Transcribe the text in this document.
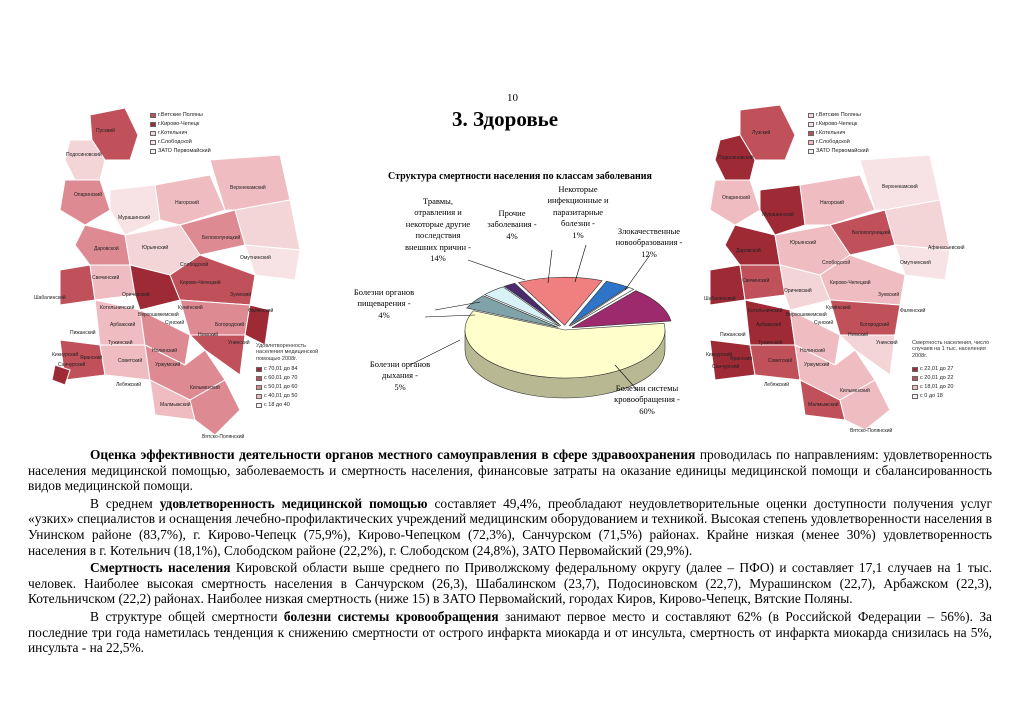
10
3. Здоровье
Пусквий
Подосиновский
Опаринский
Мурашинский
Нагорский
Верхнекамский
Юрьянский
Белохолуницкий
Омутнинский
Даровской
Свечинский
Оричевский
Котельничский
Шабалинский
Богородский
Арбажский
Пижанский
Санчурский
Яранский
Тужинский
Кикнурский
Уржумский
Малмыжский
Кильмезский
Вятско-Полянский
Кирово-Чепецкий
Зуевский
Фаленский
Унинский
Лебяжский
Нолинский
Советский
Сунский
Кумёнский
Немский
Слободской
Верхошижемский
г.Вятские Поляны
г.Кирово-Чепецк
г.Котельнич
г.Слободской
ЗАТО Первомайский
Удовлетворенность населения медицинской помощью 2008г.
с 70,01 до 84
с 60,01 до 70
с 50,01 до 60
с 40,01 до 50
с 18 до 40
Лузский
Подосиновский
Опаринский
Мурашинский
Нагорский
Верхнекамский
Юрьянский
Белохолуницкий
Омутнинский
Афанасьевский
Даровской
Свечинский
Оричевский
Котельничский
Шабалинский
Слободской
Арбажский
Пижанский
Санчурский
Яранский
Тужинский
Кикнурский
Уржумский
Малмыжский
Кильмезский
Вятско-Полянский
Кирово-Чепецкий
Зуевский
Фаленский
Унинский
Лебяжский
Нолинский
Советский
Сунский
Кумёнский
Немский
Верхошижемский
Богородский
г.Вятские Поляны
г.Кирово-Чепецк
г.Котельнич
г.Слободской
ЗАТО Первомайский
Смертность населения, число случаев на 1 тыс. населения 2008г.
с 22,01 до 27
с 20,01 до 22
с 18,01 до 20
с 0 до 18
Структура смертности населения по классам заболевания
Болезни системы
кровообращения -
60%
Болезни органов
дыхания -
5%
Болезни органов
пищеварения -
4%
Травмы,
отравления и
некоторые другие
последствия
внешних причин -
14%
Прочие
заболевания -
4%
Некоторые
инфекционные и
паразитарные
болезни -
1%	Злокачественные
новообразования -
12%

Оценка эффективности деятельности органов местного самоуправления в сфере здравоохранения проводилась по направлениям: удовлетворенность населения медицинской помощью, заболеваемость и смертность населения, финансовые затраты на оказание единицы медицинской помощи и сбалансированность видов медицинской помощи.

В среднем удовлетворенность медицинской помощью составляет 49,4%, преобладают неудовлетворительные оценки доступности получения услуг «узких» специалистов и оснащения лечебно-профилактических учреждений медицинским оборудованием и техникой. Высокая степень удовлетворенности населения в Унинском районе (83,7%), г. Кирово-Чепецк (75,9%), Кирово-Чепецком (72,3%), Санчурском (71,5%) районах. Крайне низкая (менее 30%) удовлетворенность населения в г. Котельнич (18,1%), Слободском районе (22,2%), г. Слободском (24,8%), ЗАТО Первомайский (29,9%).

Смертность населения Кировской области выше среднего по Приволжскому федеральному округу (далее – ПФО) и составляет 17,1 случаев на 1 тыс. человек. Наиболее высокая смертность населения в Санчурском (26,3), Шабалинском (23,7), Подосиновском (22,7), Мурашинском (22,7), Арбажском (22,3), Котельничском (22,2) районах. Наиболее низкая смертность (ниже 15) в ЗАТО Первомайский, городах Киров, Кирово-Чепецк, Вятские Поляны.

В структуре общей смертности болезни системы кровообращения занимают первое место и составляют 62% (в Российской Федерации – 56%). За последние три года наметилась тенденция к снижению смертности от острого инфаркта миокарда и от инсульта, смертность от инфаркта миокарда снизилась на 5%, инсульта - на 22,5%.
